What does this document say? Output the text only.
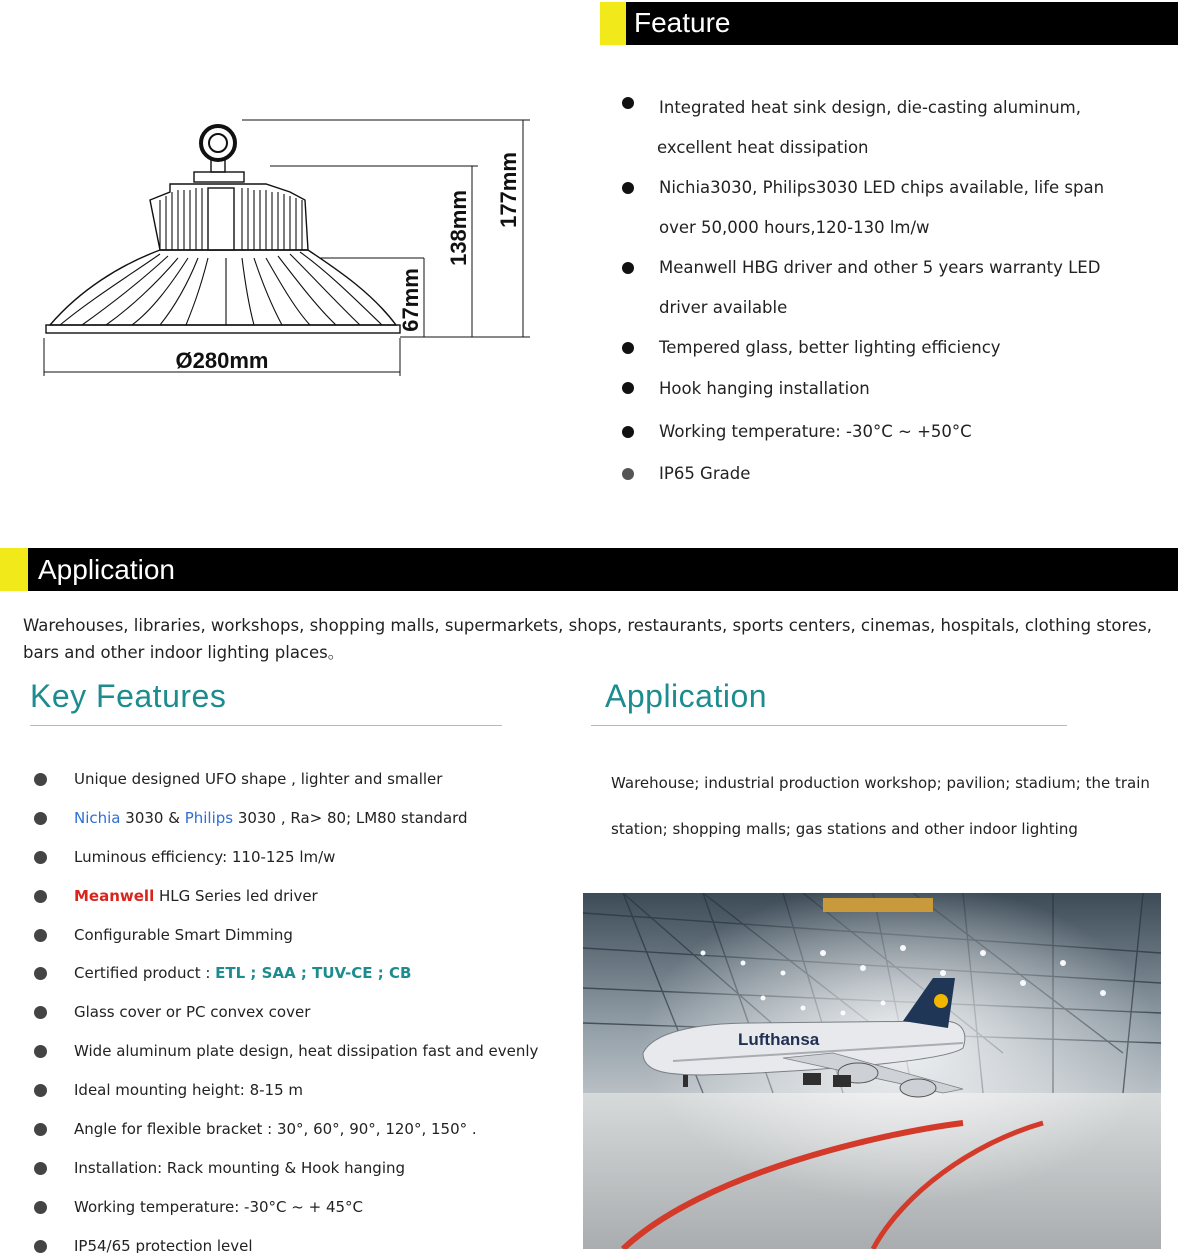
Ø280mm
67mm
138mm
177mm
Feature
Integrated heat sink design, die-casting aluminum,
excellent heat dissipation
Nichia3030, Philips3030 LED chips available, life span
over 50,000 hours,120-130 lm/w
Meanwell HBG driver and other 5 years warranty LED
driver available
Tempered glass, better lighting efficiency
Hook hanging installation
Working temperature: -30°C ~ +50°C
IP65 Grade
Application
Warehouses, libraries, workshops, shopping malls, supermarkets, shops, restaurants, sports centers, cinemas, hospitals, clothing stores, bars and other indoor lighting places。
Key Features
Unique designed UFO shape , lighter and smaller
Nichia 3030 & Philips 3030 , Ra> 80; LM80 standard
Luminous efficiency: 110-125 lm/w
Meanwell HLG Series led driver
Configurable Smart Dimming
Certified product : ETL ; SAA ; TUV-CE ; CB
Glass cover or PC convex cover
Wide aluminum plate design, heat dissipation fast and evenly
Ideal mounting height: 8-15 m
Angle for flexible bracket : 30°, 60°, 90°, 120°, 150° .
Installation: Rack mounting & Hook hanging
Working temperature: -30°C ~ + 45°C
IP54/65 protection level
Application
Warehouse; industrial production workshop; pavilion; stadium; the train
station; shopping malls; gas stations and other indoor lighting
Lufthansa
